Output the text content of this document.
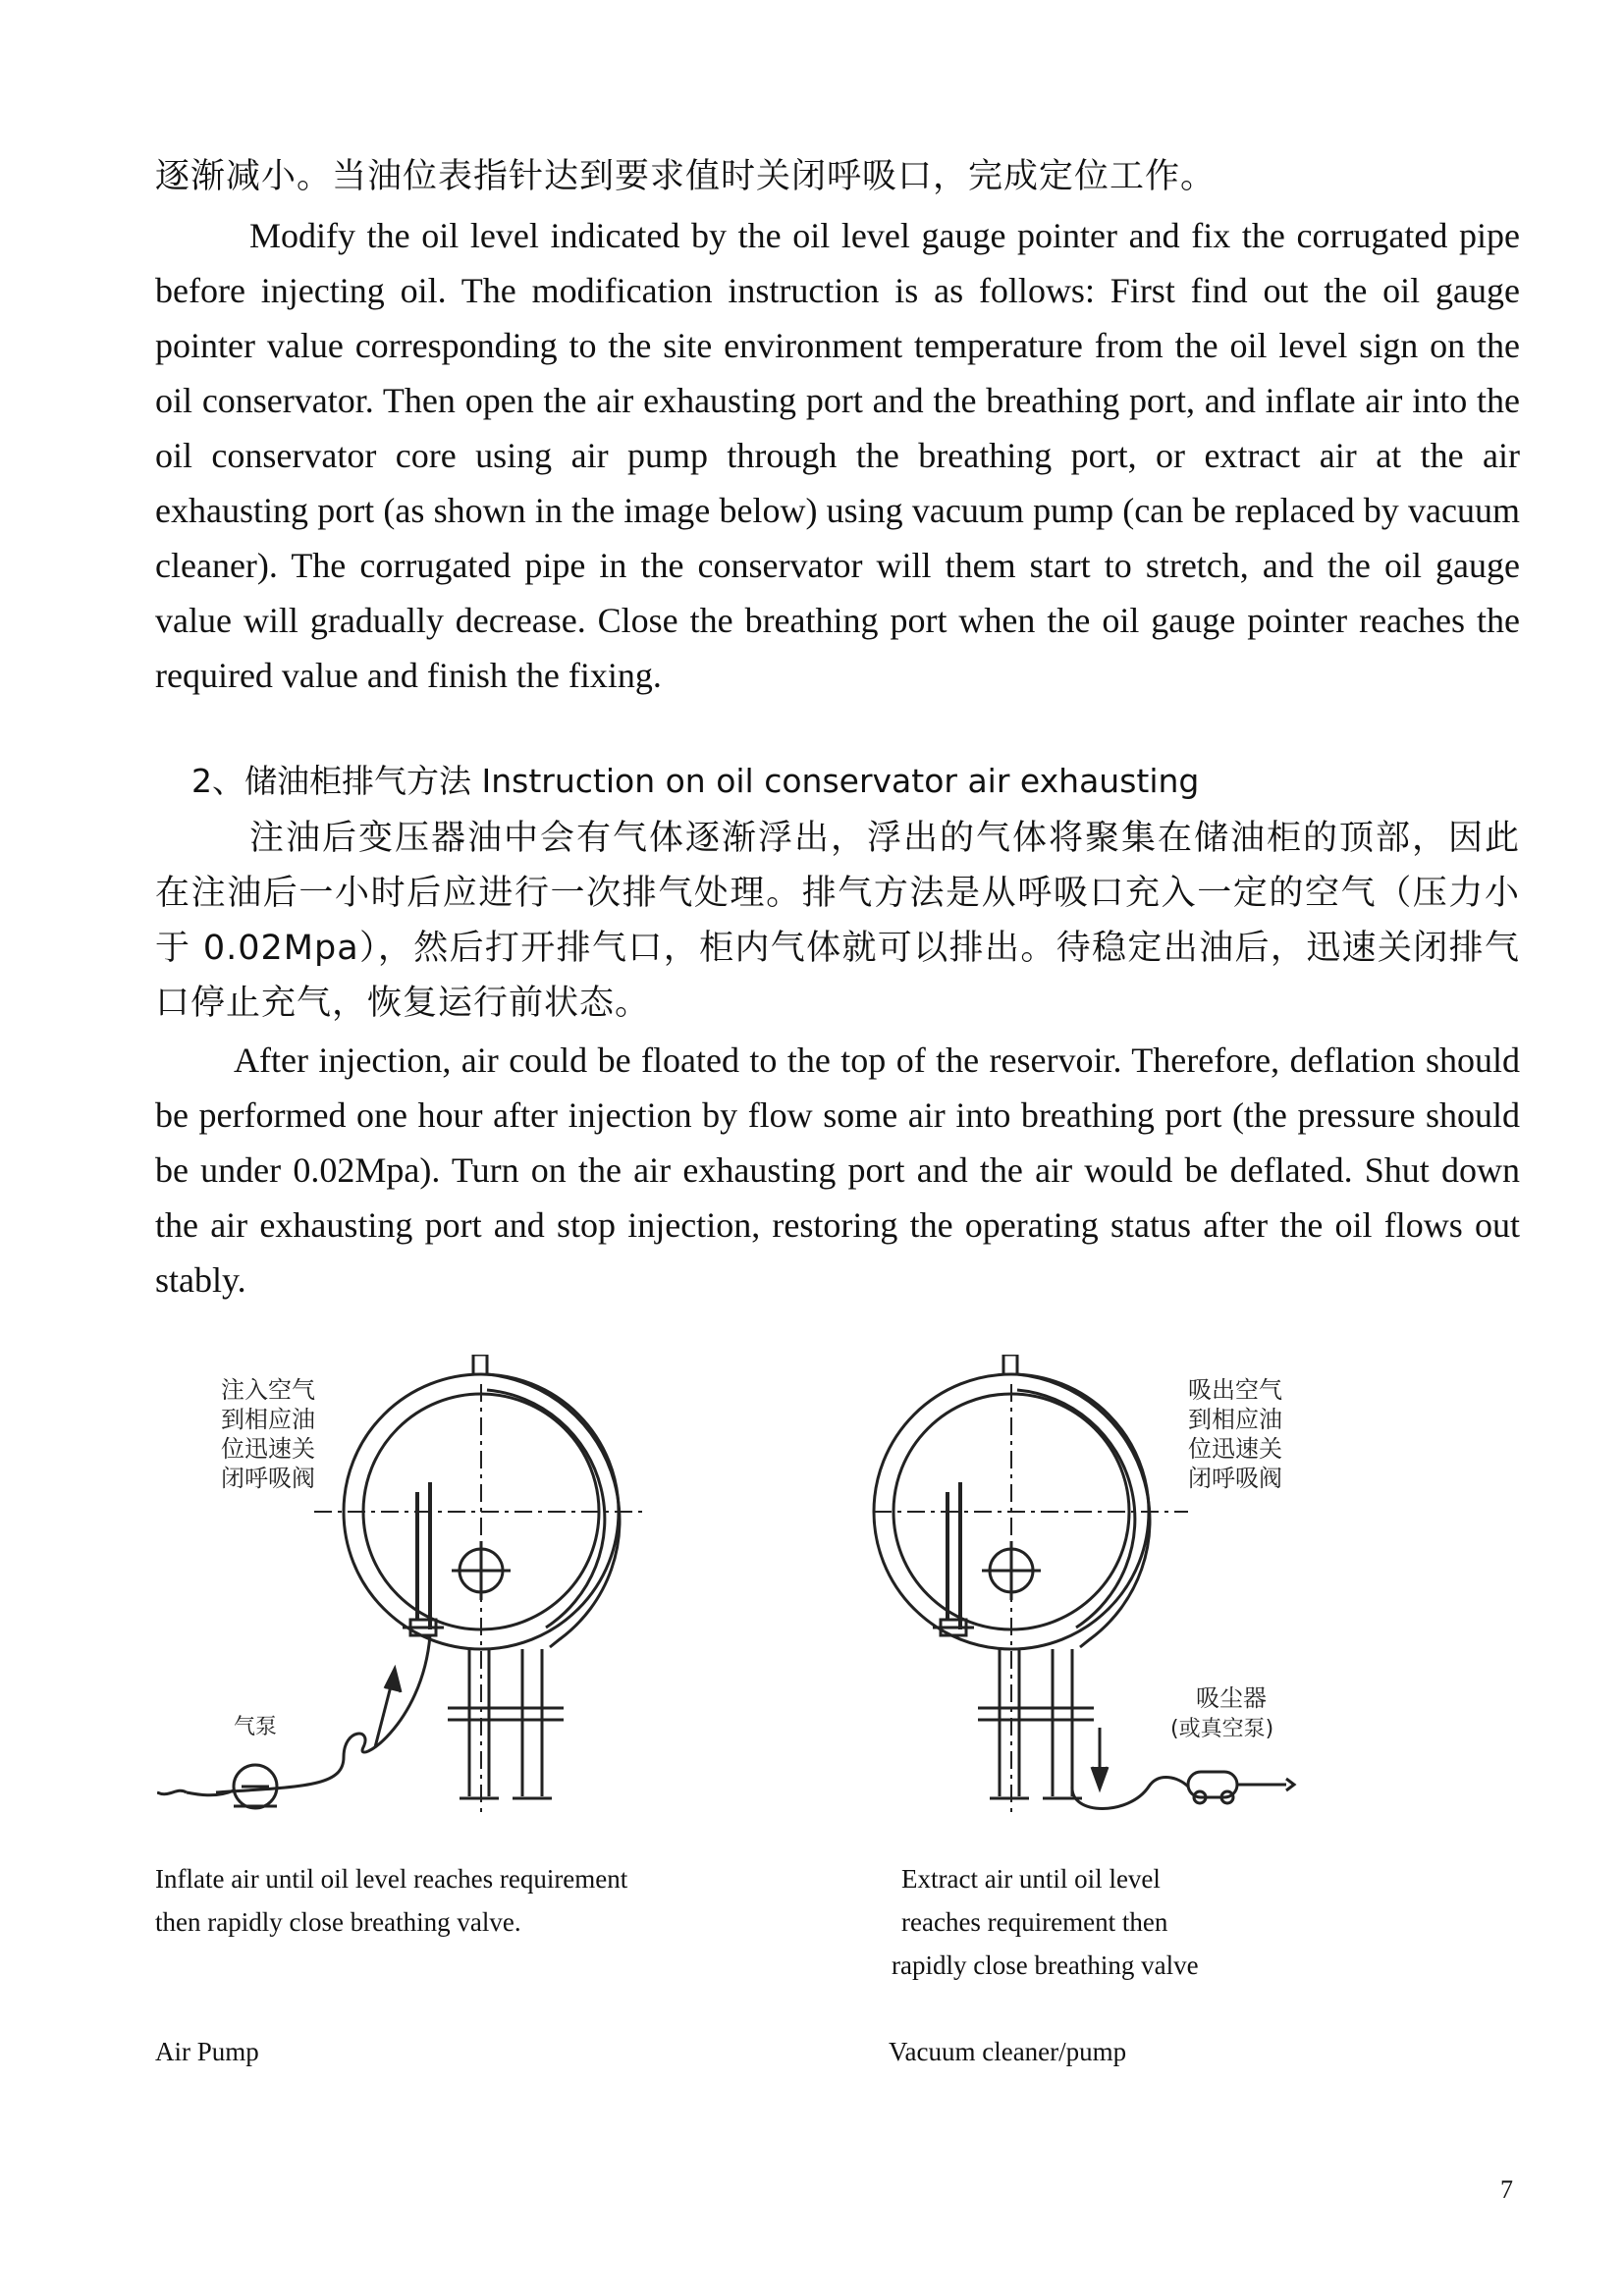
逐渐减小。当油位表指针达到要求值时关闭呼吸口，完成定位工作。

Modify the oil level indicated by the oil level gauge pointer and fix the corrugated pipe before injecting oil. The modification instruction is as follows: First find out the oil gauge pointer value corresponding to the site environment temperature from the oil level sign on the oil conservator. Then open the air exhausting port and the breathing port, and inflate air into the oil conservator core using air pump through the breathing port, or extract air at the air exhausting port (as shown in the image below) using vacuum pump (can be replaced by vacuum cleaner). The corrugated pipe in the conservator will them start to stretch, and the oil gauge value will gradually decrease. Close the breathing port when the oil gauge pointer reaches the required value and finish the fixing.

2、储油柜排气方法 Instruction on oil conservator air exhausting

注油后变压器油中会有气体逐渐浮出，浮出的气体将聚集在储油柜的顶部，因此在注油后一小时后应进行一次排气处理。排气方法是从呼吸口充入一定的空气（压力小于 0.02Mpa），然后打开排气口，柜内气体就可以排出。待稳定出油后，迅速关闭排气口停止充气，恢复运行前状态。

After injection, air could be floated to the top of the reservoir. Therefore, deflation should be performed one hour after injection by flow some air into breathing port (the pressure should be under 0.02Mpa). Turn on the air exhausting port and the air would be deflated. Shut down the air exhausting port and stop injection, restoring the operating status after the oil flows out stably.

注入空气
到相应油
位迅速关
闭呼吸阀
气泵
吸出空气
到相应油
位迅速关
闭呼吸阀
吸尘器
(或真空泵)

Inflate air until oil level reaches requirement
then rapidly close breathing valve.

Air Pump

Extract air until oil level
reaches requirement then

rapidly close breathing valve

Vacuum cleaner/pump

7
